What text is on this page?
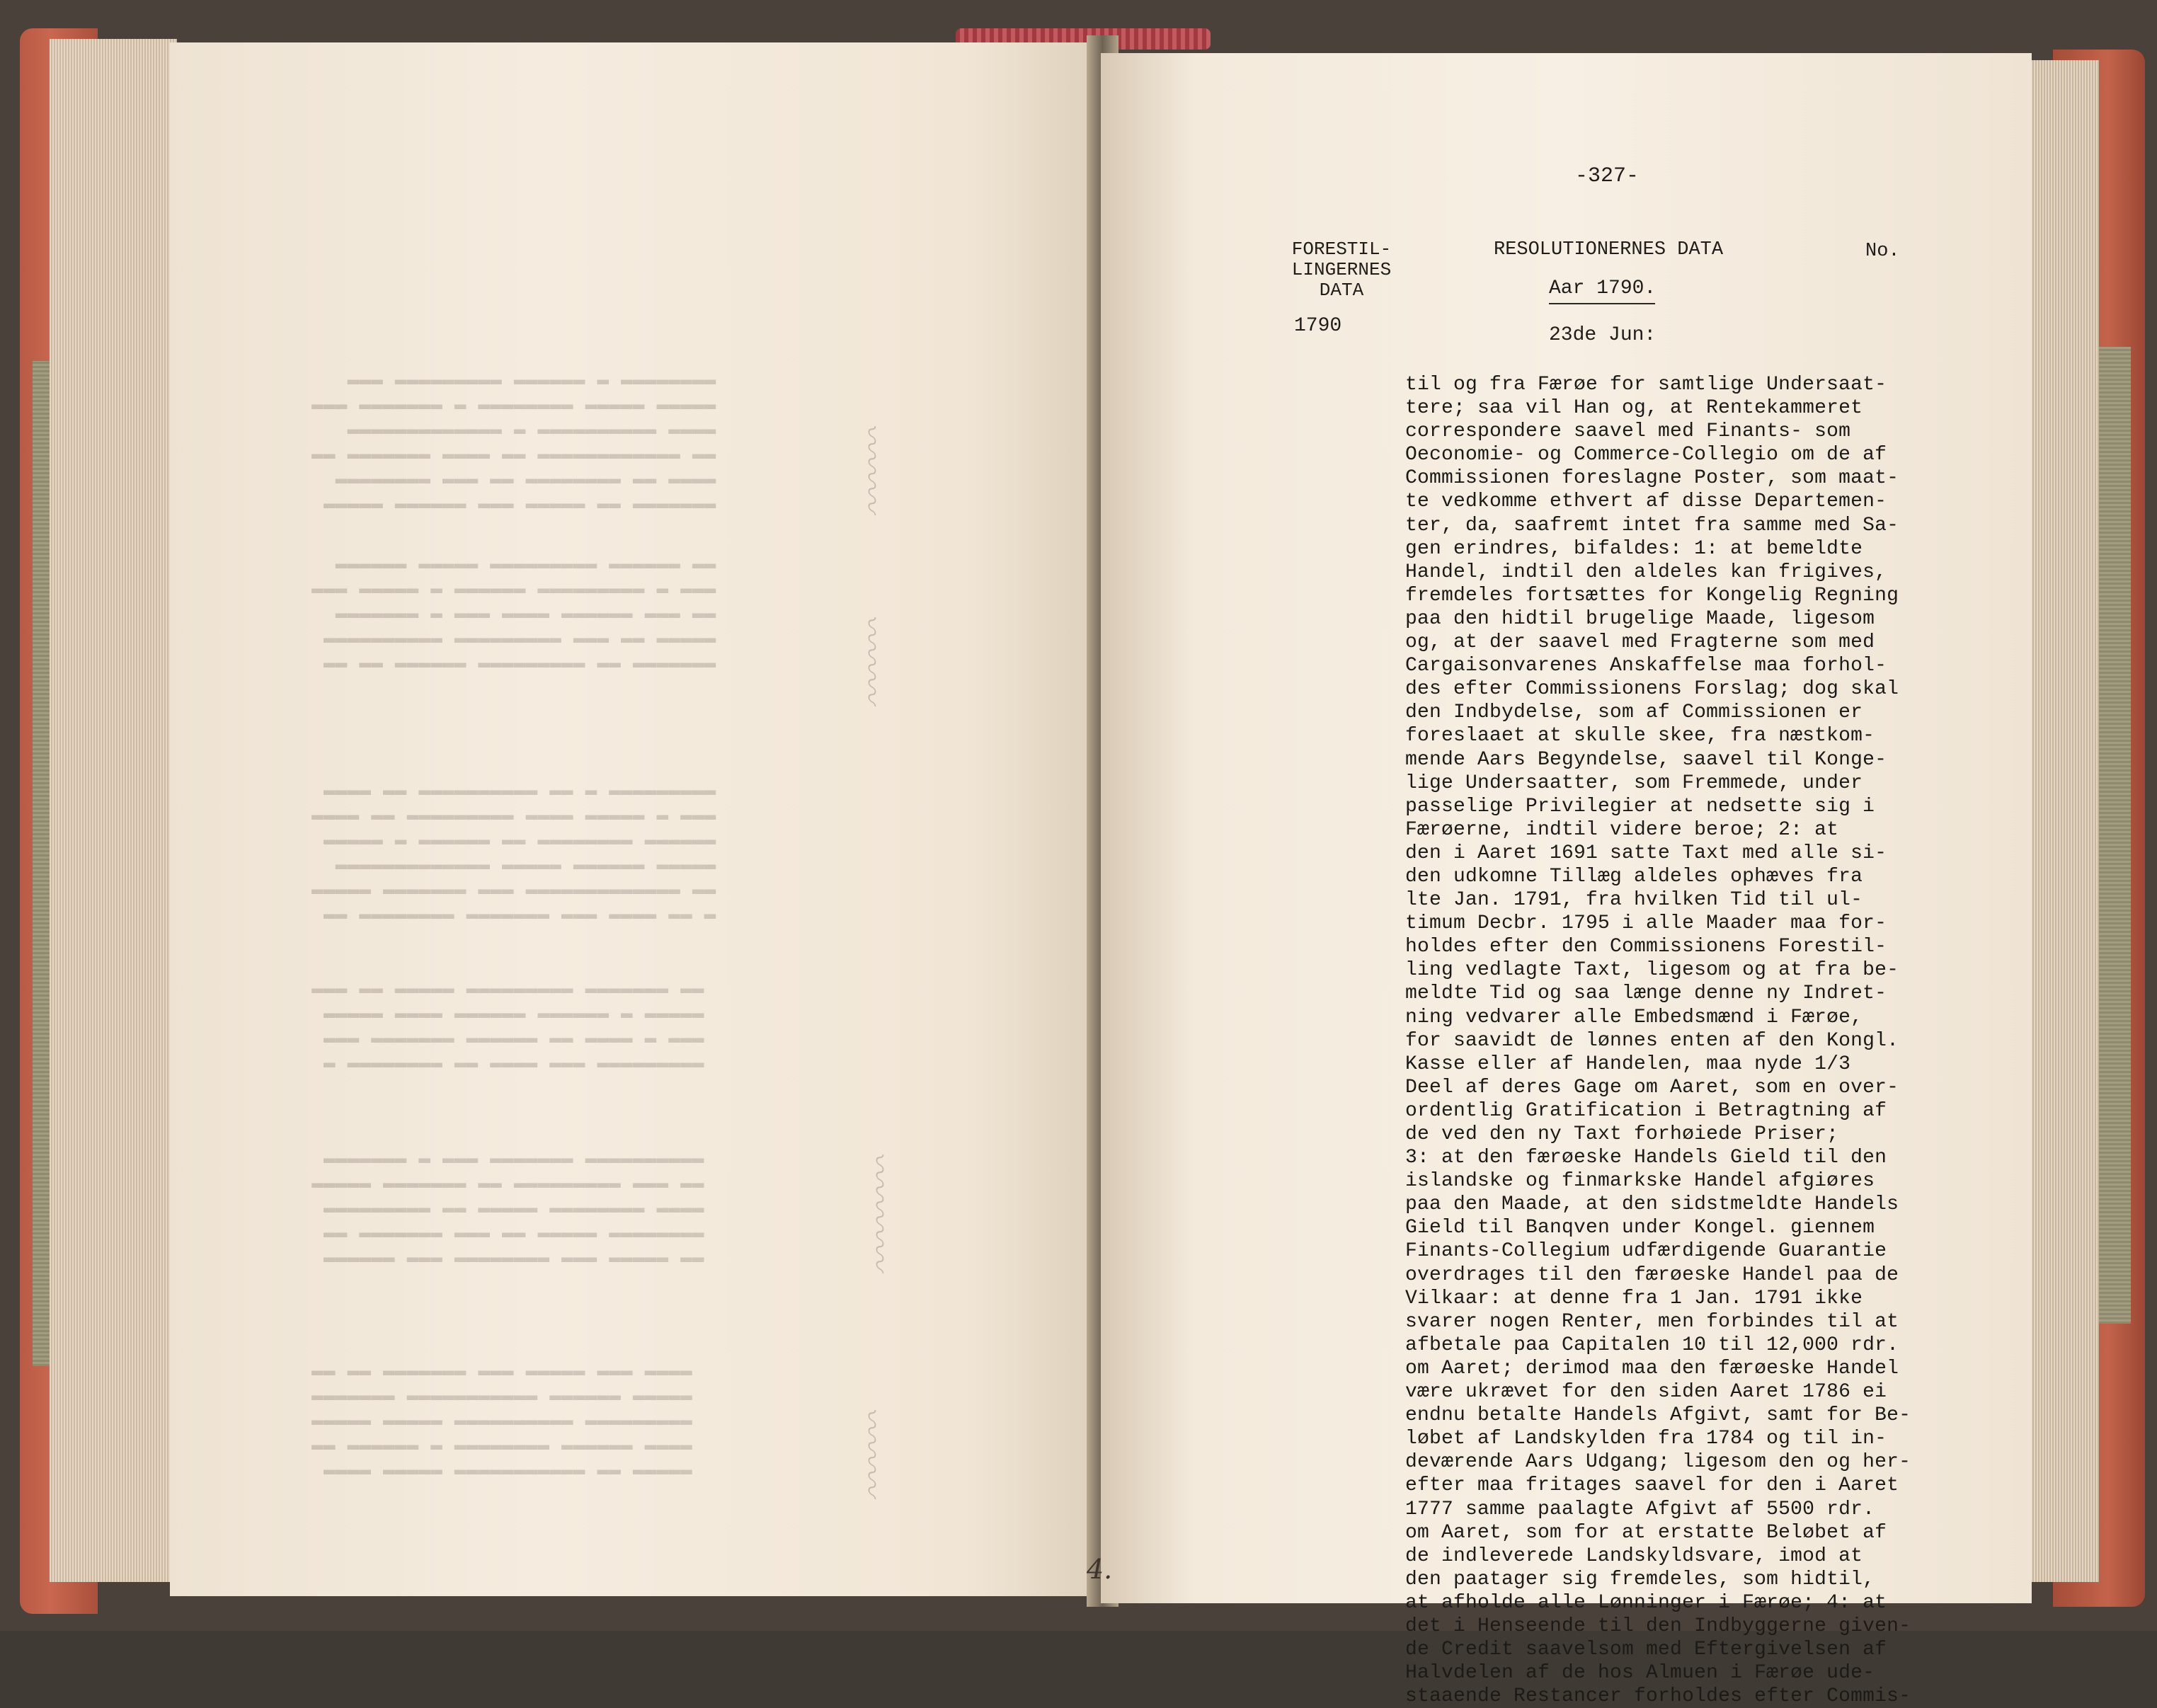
▬▬▬▬▬▬▬▬ ▬ ▬▬▬▬▬▬ ▬▬▬▬▬▬▬▬▬ ▬▬▬
▬▬▬▬▬ ▬▬▬▬▬ ▬▬▬▬▬▬▬▬ ▬ ▬▬▬▬▬▬▬ ▬▬▬
▬▬▬▬ ▬▬▬▬▬▬▬▬▬▬ ▬ ▬▬▬▬▬▬▬▬▬▬▬▬▬
▬▬ ▬▬▬▬▬▬▬▬▬▬▬▬ ▬▬ ▬▬▬▬ ▬▬▬▬▬▬▬ ▬▬
▬▬▬▬ ▬▬ ▬▬▬▬▬▬▬▬ ▬▬ ▬▬▬ ▬▬▬▬▬▬▬▬
▬▬▬▬▬▬▬ ▬▬ ▬▬▬▬▬ ▬▬▬ ▬▬▬▬▬▬ ▬▬▬▬▬
▬▬ ▬▬▬▬▬▬ ▬▬▬▬▬▬▬▬▬ ▬▬▬▬▬ ▬▬▬▬▬▬
▬▬▬ ▬ ▬▬▬▬▬▬▬▬▬ ▬▬▬▬▬▬ ▬ ▬▬▬▬▬ ▬▬▬
▬▬ ▬▬▬ ▬▬▬▬▬▬ ▬▬▬▬ ▬▬▬ ▬ ▬▬▬▬▬▬▬
▬▬▬▬▬ ▬▬ ▬▬▬ ▬▬▬▬▬▬▬▬▬ ▬▬▬▬▬▬▬▬▬▬
▬▬▬▬▬▬▬ ▬▬ ▬▬▬▬▬▬▬▬▬ ▬▬▬▬▬▬ ▬▬ ▬▬
▬▬▬▬▬▬▬▬▬ ▬ ▬▬ ▬▬▬▬▬▬▬▬▬▬ ▬▬ ▬▬▬▬
▬▬▬ ▬ ▬▬▬▬▬ ▬▬▬▬ ▬▬▬▬▬▬▬▬▬ ▬▬ ▬▬▬▬
▬▬▬▬▬▬ ▬▬▬▬▬▬▬▬ ▬▬ ▬▬▬▬▬▬ ▬ ▬▬▬▬▬
▬▬▬▬▬ ▬▬▬▬▬▬ ▬▬▬▬▬ ▬▬▬▬▬▬▬▬▬▬▬▬▬
▬▬ ▬▬▬▬▬▬▬▬▬▬▬▬▬ ▬▬▬ ▬▬▬▬▬▬▬ ▬▬▬▬▬
▬ ▬▬ ▬▬▬▬ ▬▬▬ ▬▬▬▬▬▬▬ ▬▬▬▬▬▬▬▬ ▬▬
▬▬ ▬▬▬▬▬▬▬ ▬▬▬▬▬▬▬▬▬ ▬▬▬▬▬ ▬▬ ▬▬▬
▬▬▬▬▬ ▬ ▬▬▬▬▬▬ ▬▬▬▬▬▬ ▬▬▬▬ ▬▬▬▬▬
▬▬▬ ▬ ▬▬▬▬ ▬▬ ▬▬▬▬▬▬ ▬▬▬▬▬▬▬ ▬▬▬
▬▬▬▬▬▬▬▬▬ ▬▬▬ ▬▬▬▬ ▬▬ ▬▬▬▬▬▬▬▬ ▬
▬▬▬▬▬▬▬▬▬▬ ▬▬▬▬▬▬▬ ▬▬▬ ▬ ▬▬▬▬▬▬▬
▬▬ ▬▬▬ ▬▬▬▬▬▬▬▬▬ ▬▬ ▬▬▬▬▬▬▬ ▬▬▬▬▬
▬▬▬▬ ▬▬▬▬▬▬▬▬ ▬▬▬▬▬ ▬▬ ▬▬▬▬▬▬▬▬▬
▬▬▬▬▬▬▬▬ ▬▬▬▬▬ ▬▬ ▬▬▬ ▬▬▬▬▬▬▬ ▬▬
▬▬ ▬▬▬▬▬ ▬▬▬ ▬▬▬▬▬▬▬▬ ▬▬▬ ▬▬▬▬▬▬
▬▬▬▬ ▬▬▬ ▬▬▬▬▬ ▬▬▬ ▬▬▬▬▬▬▬ ▬▬ ▬▬
▬▬▬▬▬ ▬▬▬▬▬▬ ▬▬▬▬▬▬▬▬▬▬▬ ▬▬▬▬▬▬▬
▬▬▬▬▬▬▬▬▬ ▬▬▬▬▬▬▬▬▬▬ ▬▬▬▬▬ ▬▬▬▬▬
▬▬▬▬ ▬▬▬▬▬▬ ▬▬▬▬▬▬▬▬ ▬ ▬▬▬▬▬▬ ▬▬
▬▬▬▬▬ ▬▬ ▬▬▬▬▬▬▬▬▬▬▬ ▬▬▬▬▬ ▬▬▬▬
〰〰〰
〰〰〰
〰〰〰〰
〰〰〰
-327-
FORESTIL-
LINGERNES
DATA
RESOLUTIONERNES DATA	No.
Aar 1790.
1790	23de Jun:
til og fra Færøe for samtlige Undersaat-
tere; saa vil Han og, at Rentekammeret
correspondere saavel med Finants- som
Oeconomie- og Commerce-Collegio om de af
Commissionen foreslagne Poster, som maat-
te vedkomme ethvert af disse Departemen-
ter, da, saafremt intet fra samme med Sa-
gen erindres, bifaldes: 1: at bemeldte
Handel, indtil den aldeles kan frigives,
fremdeles fortsættes for Kongelig Regning
paa den hidtil brugelige Maade, ligesom
og, at der saavel med Fragterne som med
Cargaisonvarenes Anskaffelse maa forhol-
des efter Commissionens Forslag; dog skal
den Indbydelse, som af Commissionen er
foreslaaet at skulle skee, fra næstkom-
mende Aars Begyndelse, saavel til Konge-
lige Undersaatter, som Fremmede, under
passelige Privilegier at nedsette sig i
Færøerne, indtil videre beroe; 2: at
den i Aaret 1691 satte Taxt med alle si-
den udkomne Tillæg aldeles ophæves fra
lte Jan. 1791, fra hvilken Tid til ul-
timum Decbr. 1795 i alle Maader maa for-
holdes efter den Commissionens Forestil-
ling vedlagte Taxt, ligesom og at fra be-
meldte Tid og saa længe denne ny Indret-
ning vedvarer alle Embedsmænd i Færøe,
for saavidt de lønnes enten af den Kongl.
Kasse eller af Handelen, maa nyde 1/3
Deel af deres Gage om Aaret, som en over-
ordentlig Gratification i Betragtning af
de ved den ny Taxt forhøiede Priser;
3: at den færøeske Handels Gield til den
islandske og finmarkske Handel afgiøres
paa den Maade, at den sidstmeldte Handels
Gield til Banqven under Kongel. giennem
Finants-Collegium udfærdigende Guarantie
overdrages til den færøeske Handel paa de
Vilkaar: at denne fra 1 Jan. 1791 ikke
svarer nogen Renter, men forbindes til at
afbetale paa Capitalen 10 til 12,000 rdr.
om Aaret; derimod maa den færøeske Handel
være ukrævet for den siden Aaret 1786 ei
endnu betalte Handels Afgivt, samt for Be-
løbet af Landskylden fra 1784 og til in-
deværende Aars Udgang; ligesom den og her-
efter maa fritages saavel for den i Aaret
1777 samme paalagte Afgivt af 5500 rdr.
om Aaret, som for at erstatte Beløbet af
de indleverede Landskyldsvare, imod at
den paatager sig fremdeles, som hidtil,
at afholde alle Lønninger i Færøe; 4: at
det i Henseende til den Indbyggerne given-
de Credit saavelsom med Eftergivelsen af
Halvdelen af de hos Almuen i Færøe ude-
staaende Restancer forholdes efter Commis-
4.
